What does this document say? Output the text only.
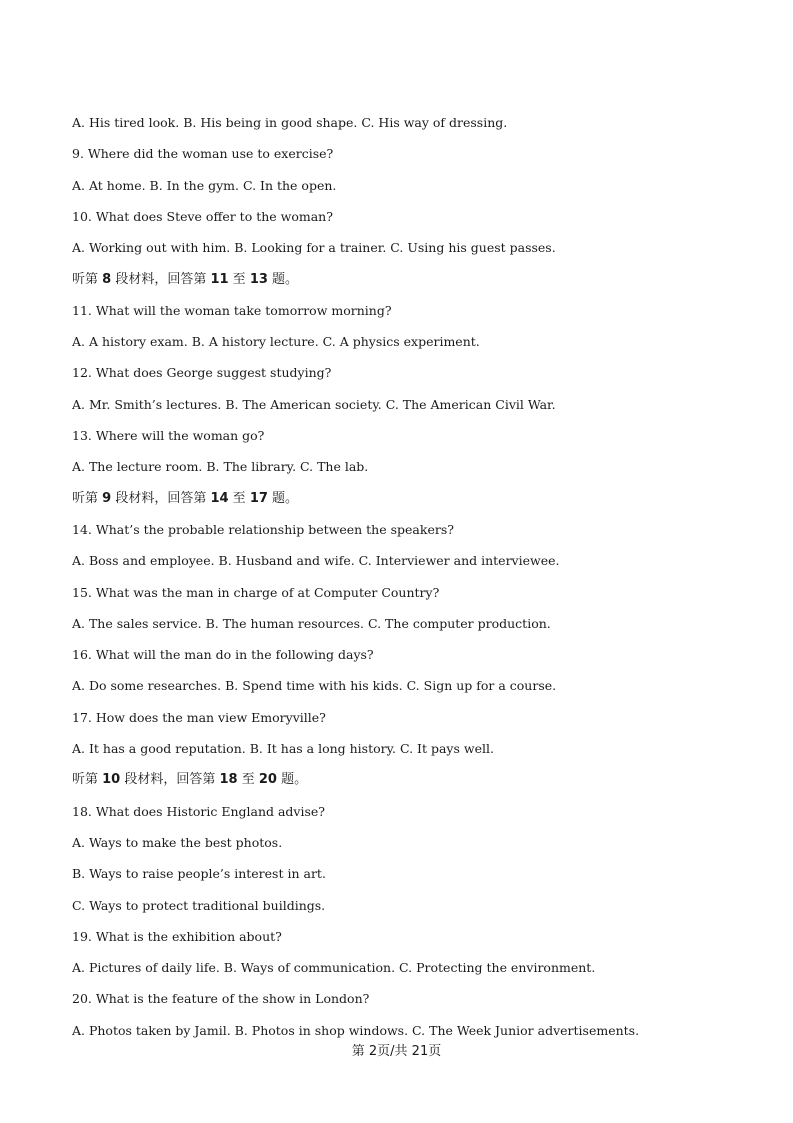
A. His tired look. B. His being in good shape. C. His way of dressing.
9. Where did the woman use to exercise?
A. At home. B. In the gym. C. In the open.
10. What does Steve offer to the woman?
A. Working out with him. B. Looking for a trainer. C. Using his guest passes.
听第 8 段材料，回答第 11 至 13 题。
11. What will the woman take tomorrow morning?
A. A history exam. B. A history lecture. C. A physics experiment.
12. What does George suggest studying?
A. Mr. Smith’s lectures. B. The American society. C. The American Civil War.
13. Where will the woman go?
A. The lecture room. B. The library. C. The lab.
听第 9 段材料，回答第 14 至 17 题。
14. What’s the probable relationship between the speakers?
A. Boss and employee. B. Husband and wife. C. Interviewer and interviewee.
15. What was the man in charge of at Computer Country?
A. The sales service. B. The human resources. C. The computer production.
16. What will the man do in the following days?
A. Do some researches. B. Spend time with his kids. C. Sign up for a course.
17. How does the man view Emoryville?
A. It has a good reputation. B. It has a long history. C. It pays well.
听第 10 段材料，回答第 18 至 20 题。
18. What does Historic England advise?
A. Ways to make the best photos.
B. Ways to raise people’s interest in art.
C. Ways to protect traditional buildings.
19. What is the exhibition about?
A. Pictures of daily life. B. Ways of communication. C. Protecting the environment.
20. What is the feature of the show in London?
A. Photos taken by Jamil. B. Photos in shop windows. C. The Week Junior advertisements.
第 2页/共 21页
